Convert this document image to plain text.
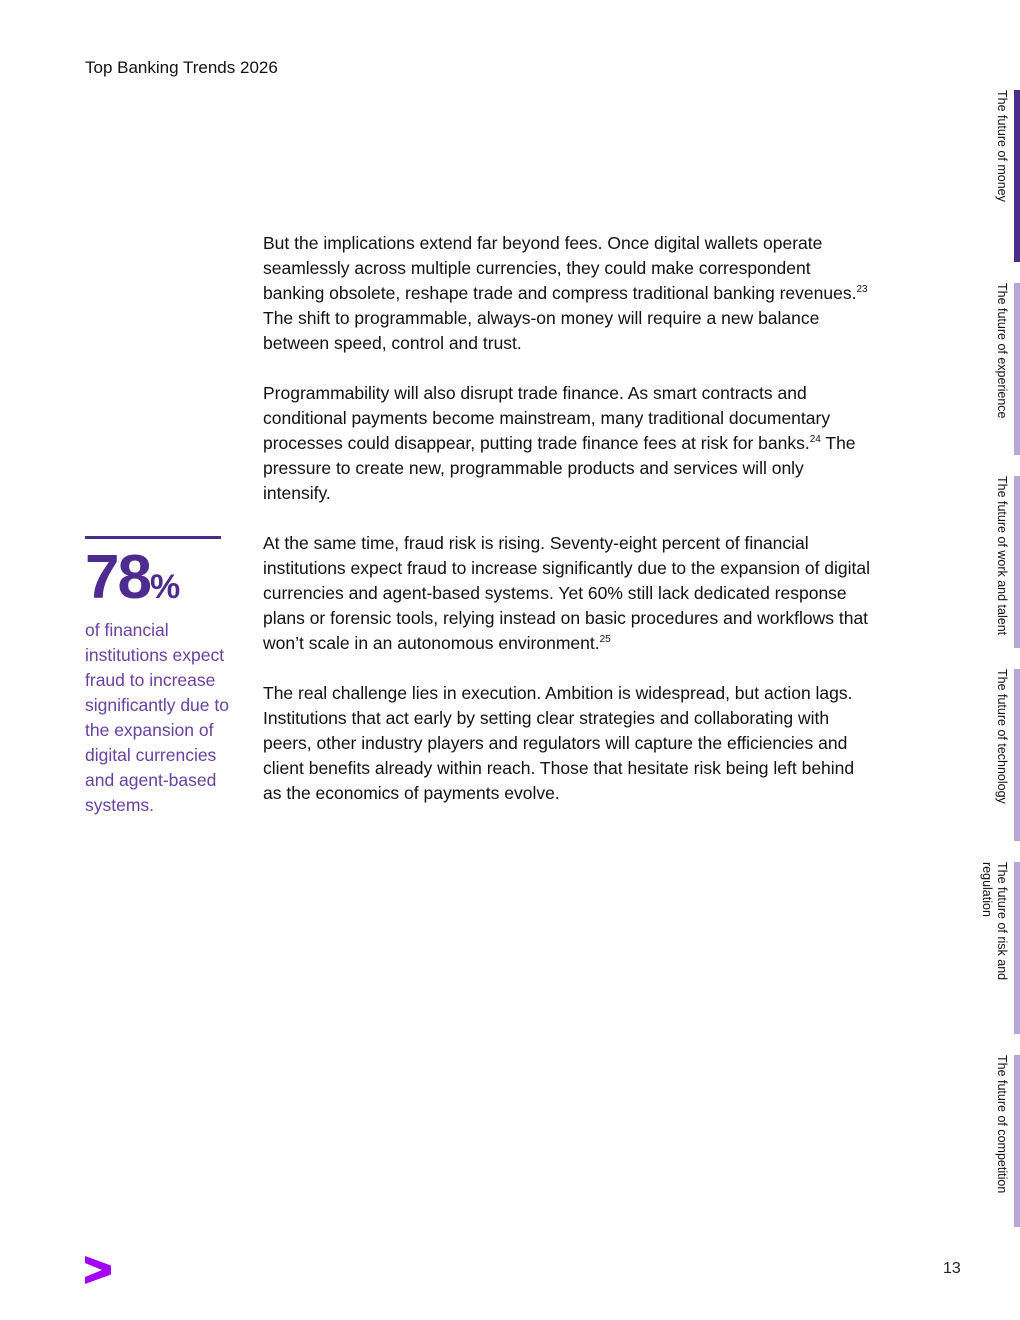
Top Banking Trends 2026
78%
of financial institutions expect fraud to increase significantly due to the expansion of digital currencies and agent-based systems.

But the implications extend far beyond fees. Once digital wallets operate seamlessly across multiple currencies, they could make correspondent banking obsolete, reshape trade and compress traditional banking revenues.$^{23}$ The shift to programmable, always-on money will require a new balance between speed, control and trust.

Programmability will also disrupt trade finance. As smart contracts and conditional payments become mainstream, many traditional documentary processes could disappear, putting trade finance fees at risk for banks.$^{24}$ The pressure to create new, programmable products and services will only intensify.

At the same time, fraud risk is rising. Seventy-eight percent of financial institutions expect fraud to increase significantly due to the expansion of digital currencies and agent-based systems. Yet 60% still lack dedicated response plans or forensic tools, relying instead on basic procedures and workflows that won’t scale in an autonomous environment.$^{25}$

The real challenge lies in execution. Ambition is widespread, but action lags. Institutions that act early by setting clear strategies and collaborating with peers, other industry players and regulators will capture the efficiencies and client benefits already within reach. Those that hesitate risk being left behind as the economics of payments evolve.

The future of money
The future of experience
The future of work and talent
The future of technology
The future of risk and regulation
The future of competition
13
